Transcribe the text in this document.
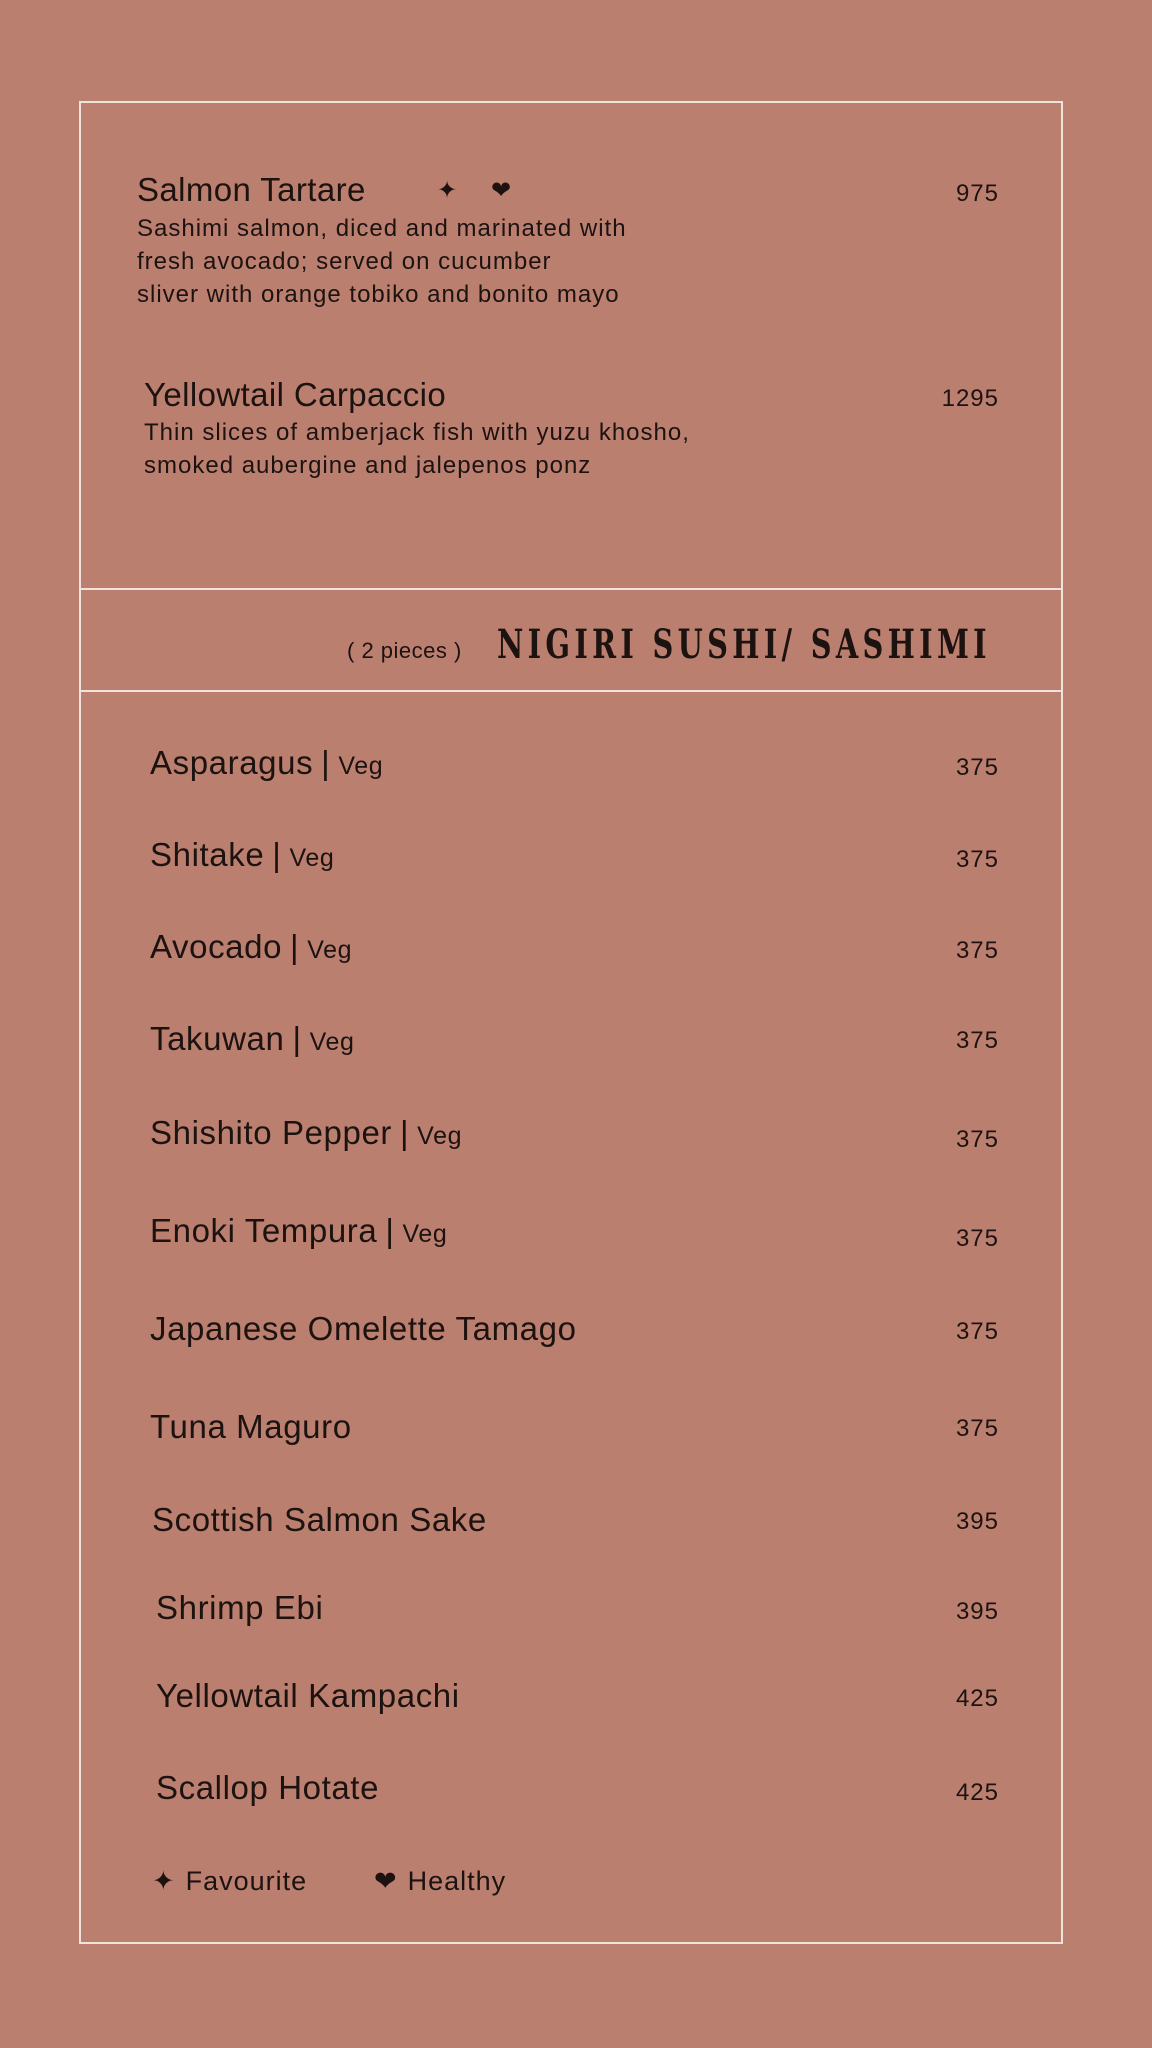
Salmon Tartare	✦ ❤	975
Sashimi salmon, diced and marinated with
fresh avocado; served on cucumber
sliver with orange tobiko and bonito mayo
Yellowtail Carpaccio	1295
Thin slices of amberjack fish with yuzu khosho,
smoked aubergine and jalepenos ponz
( 2 pieces ) NIGIRI SUSHI/ SASHIMI
Asparagus | Veg	375
Shitake | Veg	375
Avocado | Veg	375
Takuwan | Veg	375
Shishito Pepper | Veg	375
Enoki Tempura | Veg	375
Japanese Omelette Tamago	375
Tuna Maguro	375
Scottish Salmon Sake	395
Shrimp Ebi	395
Yellowtail Kampachi	425
Scallop Hotate	425
✦ Favourite ❤ Healthy
